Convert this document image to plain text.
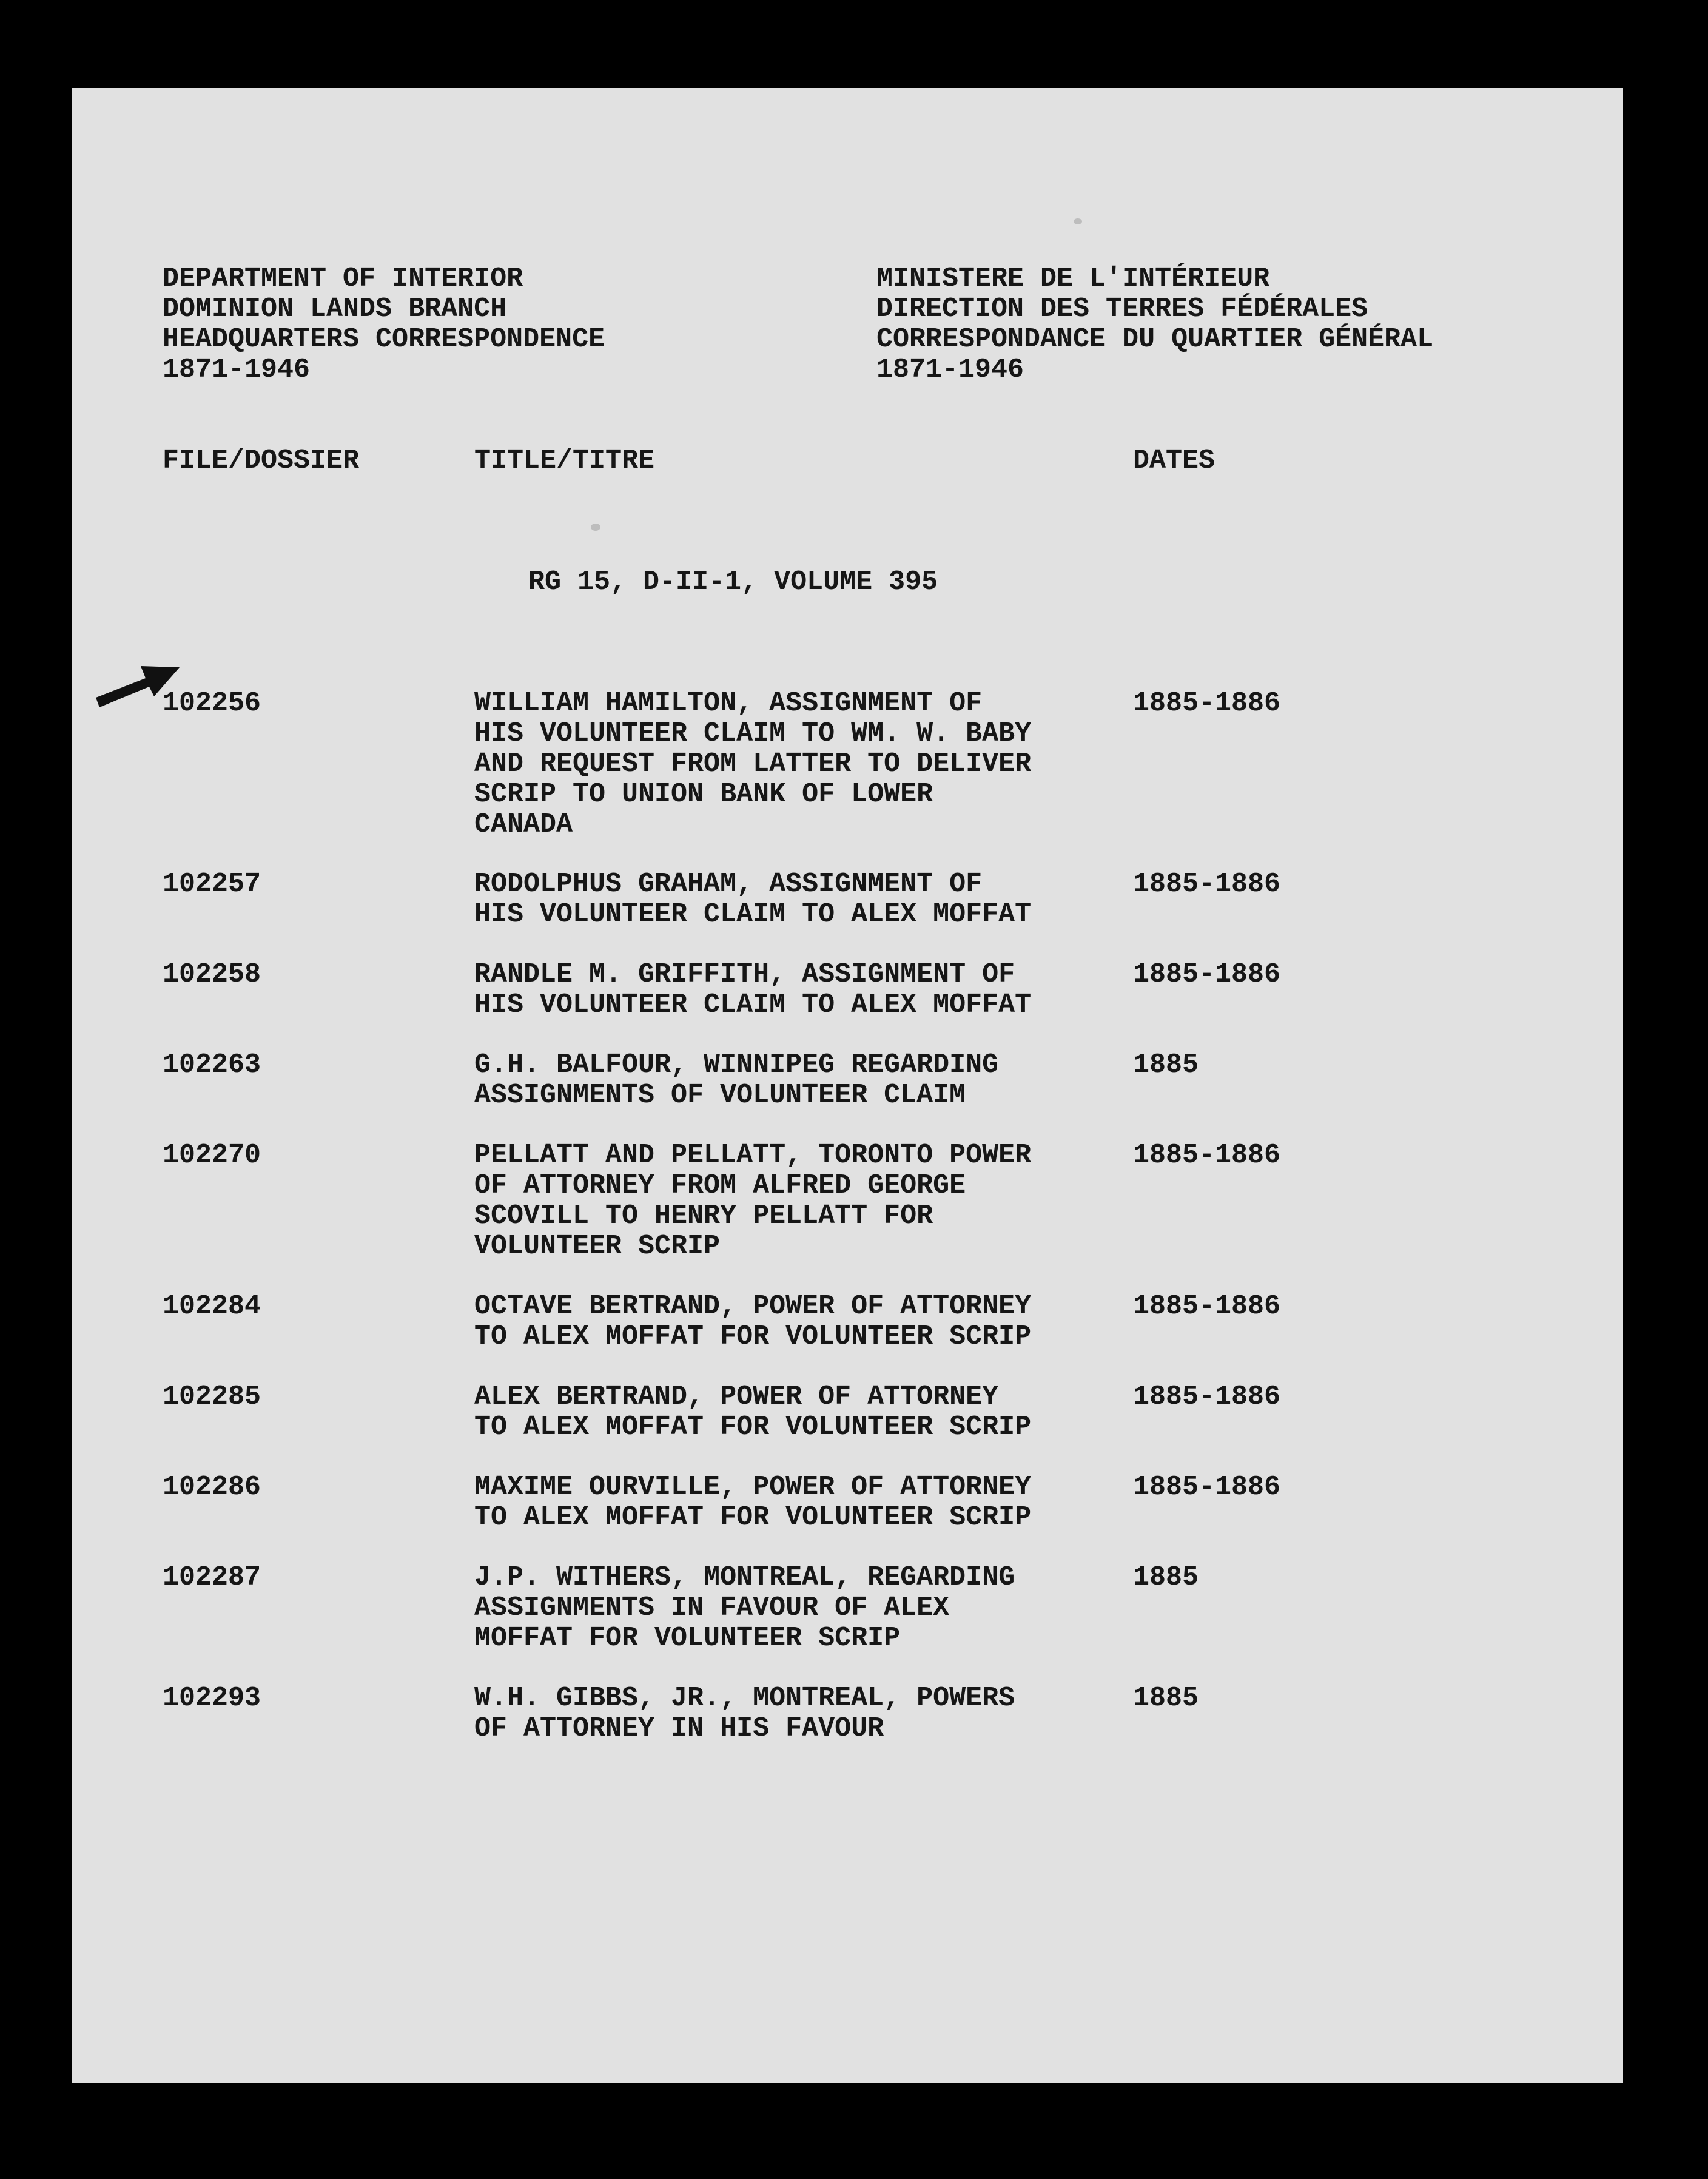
DEPARTMENT OF INTERIOR
DOMINION LANDS BRANCH
HEADQUARTERS CORRESPONDENCE
1871-1946
MINISTERE DE L'INTÉRIEUR
DIRECTION DES TERRES FÉDÉRALES
CORRESPONDANCE DU QUARTIER GÉNÉRAL
1871-1946
FILE/DOSSIER	TITLE/TITRE	DATES
RG 15, D-II-1, VOLUME 395
102256	WILLIAM HAMILTON, ASSIGNMENT OF
HIS VOLUNTEER CLAIM TO WM. W. BABY
AND REQUEST FROM LATTER TO DELIVER
SCRIP TO UNION BANK OF LOWER
CANADA
1885-1886
102257	RODOLPHUS GRAHAM, ASSIGNMENT OF
HIS VOLUNTEER CLAIM TO ALEX MOFFAT
1885-1886
102258	RANDLE M. GRIFFITH, ASSIGNMENT OF
HIS VOLUNTEER CLAIM TO ALEX MOFFAT
1885-1886
102263	G.H. BALFOUR, WINNIPEG REGARDING
ASSIGNMENTS OF VOLUNTEER CLAIM
1885
102270	PELLATT AND PELLATT, TORONTO POWER
OF ATTORNEY FROM ALFRED GEORGE
SCOVILL TO HENRY PELLATT FOR
VOLUNTEER SCRIP
1885-1886
102284	OCTAVE BERTRAND, POWER OF ATTORNEY
TO ALEX MOFFAT FOR VOLUNTEER SCRIP
1885-1886
102285	ALEX BERTRAND, POWER OF ATTORNEY
TO ALEX MOFFAT FOR VOLUNTEER SCRIP
1885-1886
102286	MAXIME OURVILLE, POWER OF ATTORNEY
TO ALEX MOFFAT FOR VOLUNTEER SCRIP
1885-1886
102287	J.P. WITHERS, MONTREAL, REGARDING
ASSIGNMENTS IN FAVOUR OF ALEX
MOFFAT FOR VOLUNTEER SCRIP
1885
102293	W.H. GIBBS, JR., MONTREAL, POWERS
OF ATTORNEY IN HIS FAVOUR
1885
